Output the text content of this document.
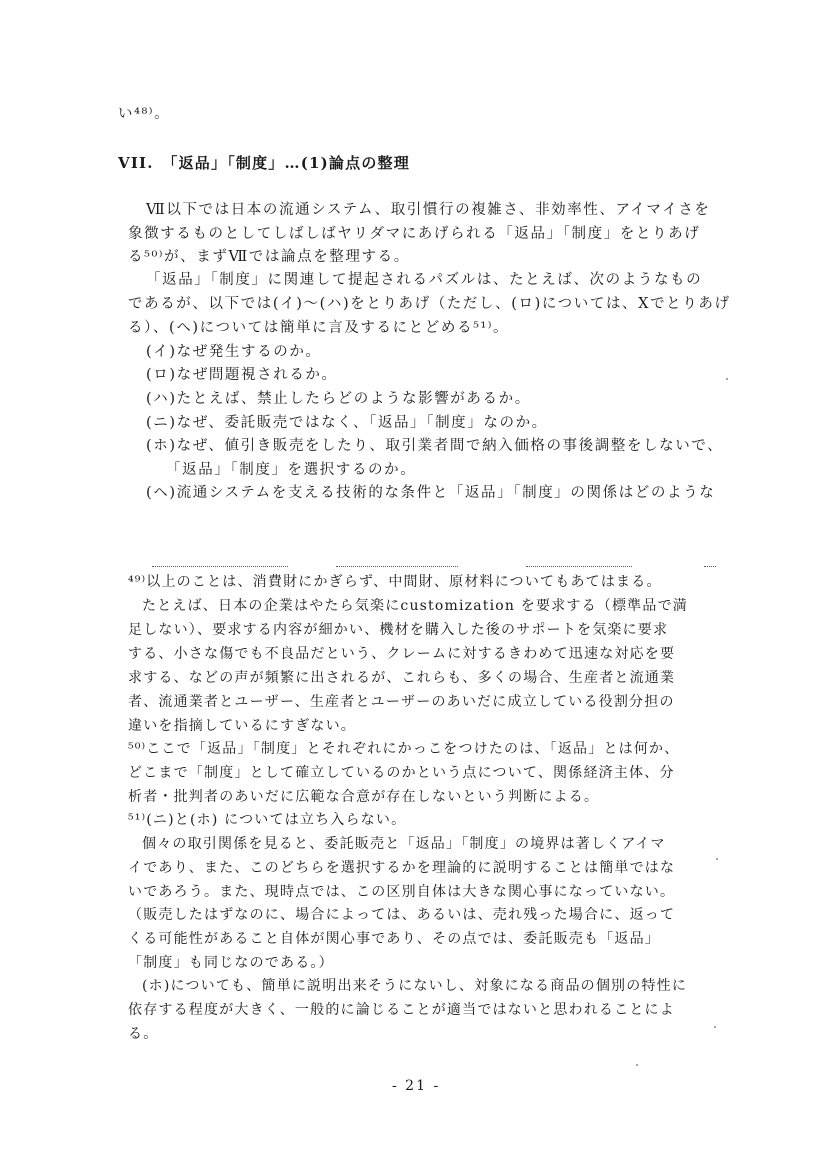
い⁴⁸⁾。
VII.　「返品」「制度」…(1)論点の整理
Ⅶ以下では日本の流通システム、取引慣行の複雑さ、非効率性、アイマイさを
象徴するものとしてしばしばヤリダマにあげられる「返品」「制度」をとりあげ
る⁵⁰⁾が、まずⅦでは論点を整理する。
「返品」「制度」に関連して提起されるパズルは、たとえば、次のようなもの
であるが、以下では(イ)～(ハ)をとりあげ（ただし、(ロ)については、Ⅹでとりあげ
る）、(ヘ)については簡単に言及するにとどめる⁵¹⁾。
(イ)なぜ発生するのか。
(ロ)なぜ問題視されるか。
(ハ)たとえば、禁止したらどのような影響があるか。
(ニ)なぜ、委託販売ではなく、「返品」「制度」なのか。
(ホ)なぜ、値引き販売をしたり、取引業者間で納入価格の事後調整をしないで、
「返品」「制度」を選択するのか。
(ヘ)流通システムを支える技術的な条件と「返品」「制度」の関係はどのような
⁴⁹⁾以上のことは、消費財にかぎらず、中間財、原材料についてもあてはまる。
たとえば、日本の企業はやたら気楽にcustomization を要求する（標準品で満
足しない）、要求する内容が細かい、機材を購入した後のサポートを気楽に要求
する、小さな傷でも不良品だという、クレームに対するきわめて迅速な対応を要
求する、などの声が頻繁に出されるが、これらも、多くの場合、生産者と流通業
者、流通業者とユーザー、生産者とユーザーのあいだに成立している役割分担の
違いを指摘しているにすぎない。
⁵⁰⁾ここで「返品」「制度」とそれぞれにかっこをつけたのは、「返品」とは何か、
どこまで「制度」として確立しているのかという点について、関係経済主体、分
析者・批判者のあいだに広範な合意が存在しないという判断による。
⁵¹⁾(ニ)と(ホ) については立ち入らない。
個々の取引関係を見ると、委託販売と「返品」「制度」の境界は著しくアイマ
イであり、また、このどちらを選択するかを理論的に説明することは簡単ではな
いであろう。また、現時点では、この区別自体は大きな関心事になっていない。
（販売したはずなのに、場合によっては、あるいは、売れ残った場合に、返って
くる可能性があること自体が関心事であり、その点では、委託販売も「返品」
「制度」も同じなのである。）
(ホ)についても、簡単に説明出来そうにないし、対象になる商品の個別の特性に
依存する程度が大きく、一般的に論じることが適当ではないと思われることによ
る。
- 21 -
